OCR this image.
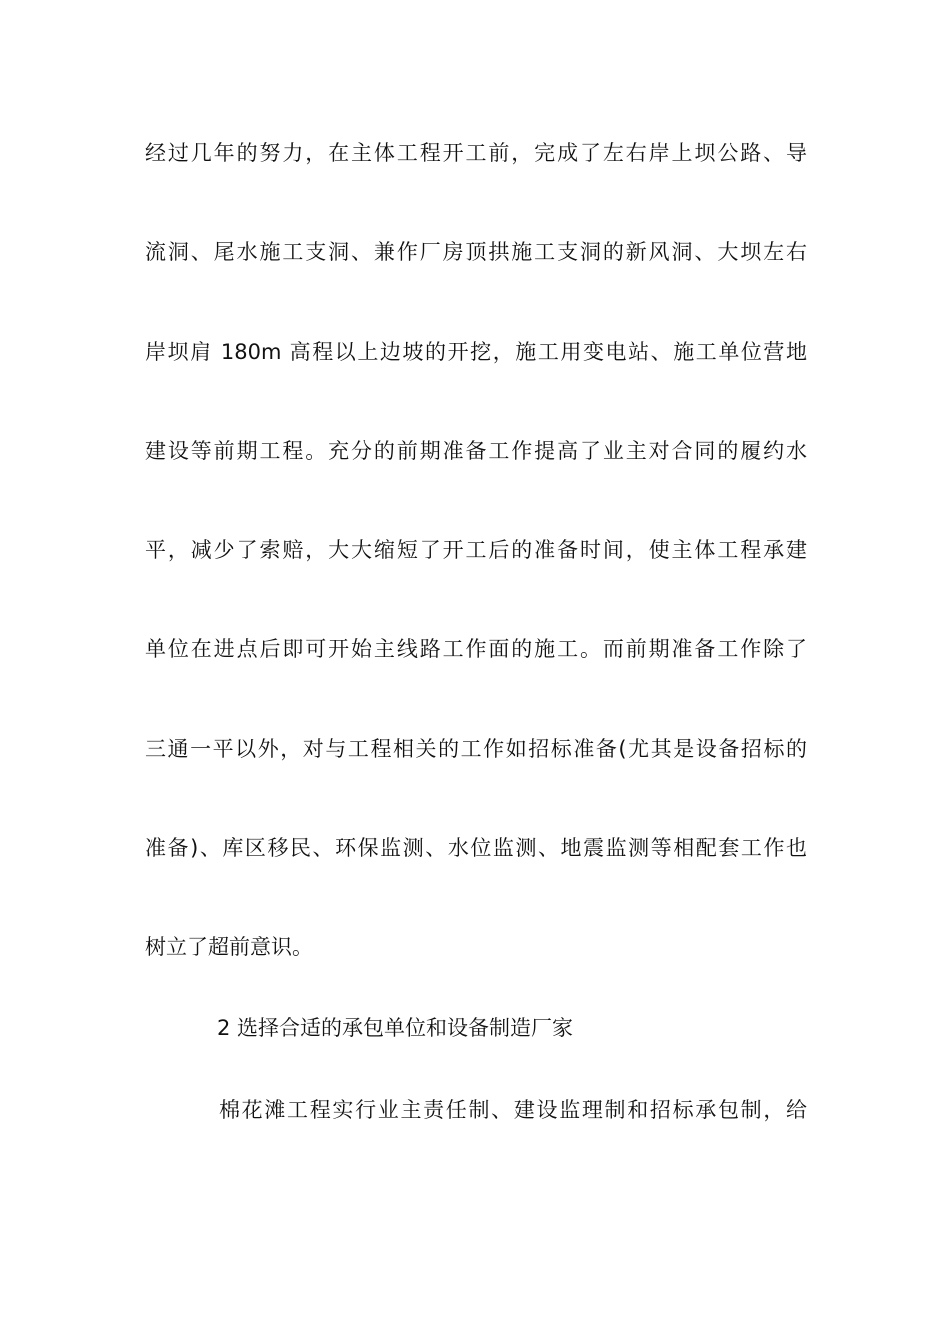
经过几年的努力，在主体工程开工前，完成了左右岸上坝公路、导
流洞、尾水施工支洞、兼作厂房顶拱施工支洞的新风洞、大坝左右
岸坝肩 180m 高程以上边坡的开挖，施工用变电站、施工单位营地
建设等前期工程。充分的前期准备工作提高了业主对合同的履约水
平，减少了索赔，大大缩短了开工后的准备时间，使主体工程承建
单位在进点后即可开始主线路工作面的施工。而前期准备工作除了
三通一平以外，对与工程相关的工作如招标准备(尤其是设备招标的
准备)、库区移民、环保监测、水位监测、地震监测等相配套工作也
树立了超前意识。
2 选择合适的承包单位和设备制造厂家
棉花滩工程实行业主责任制、建设监理制和招标承包制，给
